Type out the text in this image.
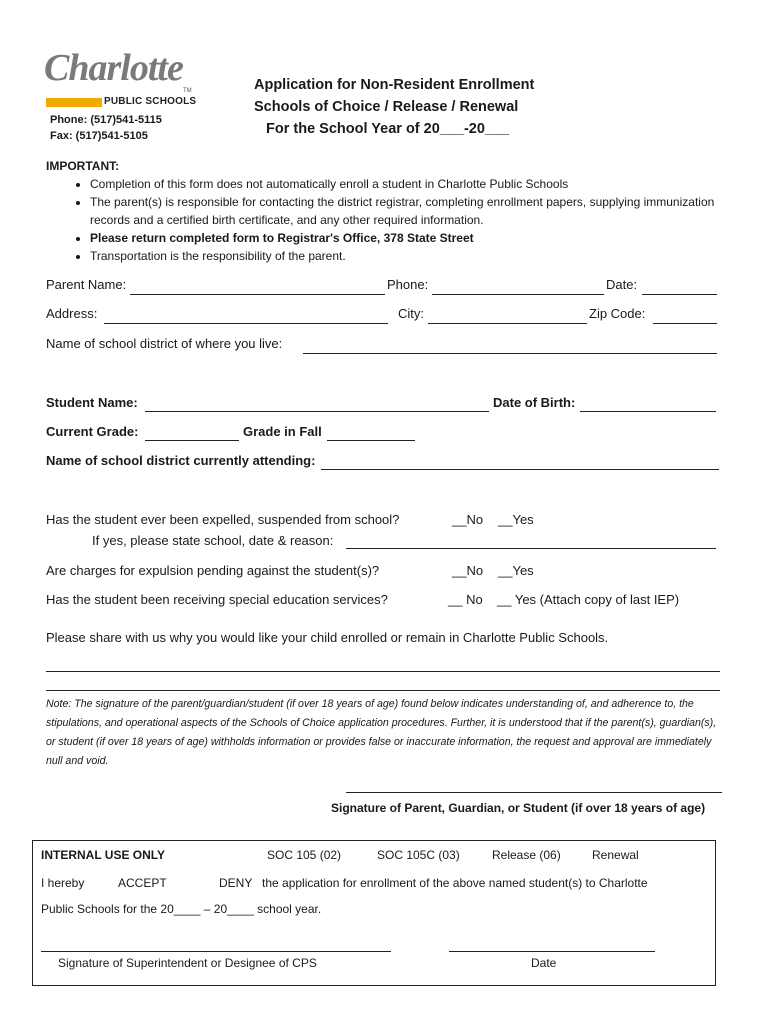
Charlotte
TM
PUBLIC SCHOOLS
Phone: (517)541-5115
Fax: (517)541-5105
Application for Non-Resident Enrollment
Schools of Choice / Release / Renewal
For the School Year of 20___-20___
IMPORTANT:
• Completion of this form does not automatically enroll a student in Charlotte Public Schools
• The parent(s) is responsible for contacting the district registrar, completing enrollment papers, supplying immunization records and a certified birth certificate, and any other required information.
• Please return completed form to Registrar's Office, 378 State Street
• Transportation is the responsibility of the parent.
Parent Name:	Phone:	Date:
Address:	City:	Zip Code:
Name of school district of where you live:
Student Name:	Date of Birth:
Current Grade:	Grade in Fall
Name of school district currently attending:
Has the student ever been expelled, suspended from school?	__No __Yes
If yes, please state school, date & reason:
Are charges for expulsion pending against the student(s)?	__No __Yes
Has the student been receiving special education services?	__ No __ Yes (Attach copy of last IEP)
Please share with us why you would like your child enrolled or remain in Charlotte Public Schools.
Note: The signature of the parent/guardian/student (if over 18 years of age) found below indicates understanding of, and adherence to, the stipulations, and operational aspects of the Schools of Choice application procedures. Further, it is understood that if the parent(s), guardian(s), or student (if over 18 years of age) withholds information or provides false or inaccurate information, the request and approval are immediately null and void.
Signature of Parent, Guardian, or Student (if over 18 years of age)
INTERNAL USE ONLY	SOC 105 (02)	SOC 105C (03)	Release (06)	Renewal
I hereby	ACCEPT	DENY the application for enrollment of the above named student(s) to Charlotte
Public Schools for the 20____ – 20____ school year.
Signature of Superintendent or Designee of CPS	Date
